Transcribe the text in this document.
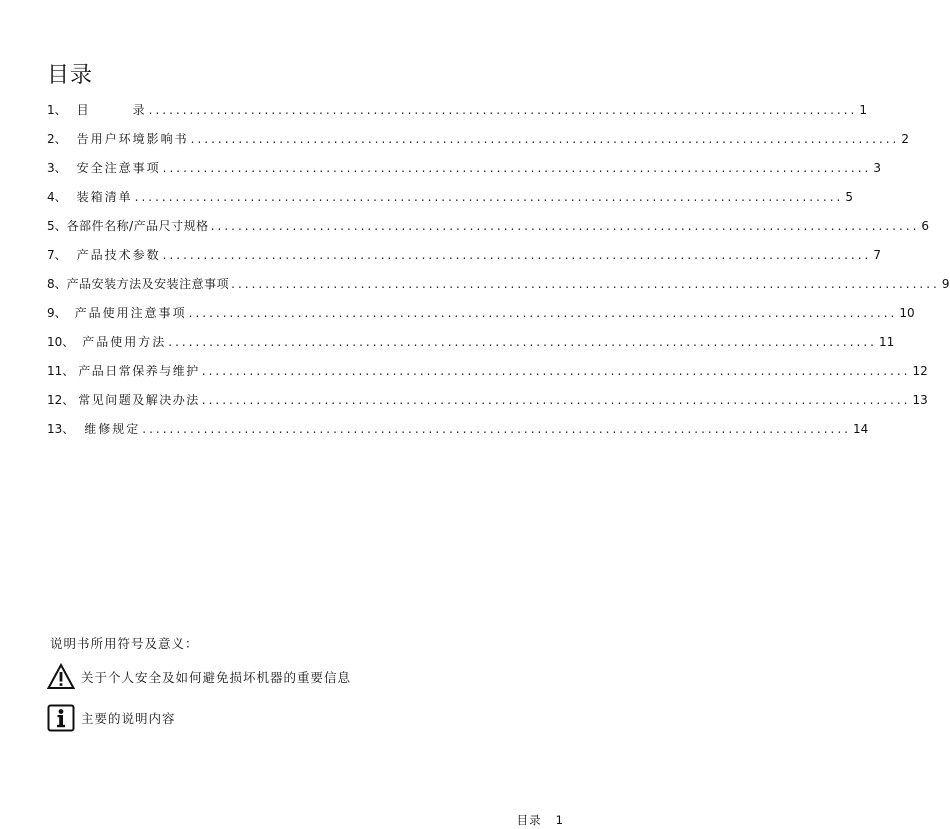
目录
1、 目　　　录 ........................................................................................................ 1
2、 告用户环境影响书 ........................................................................................................ 2
3、 安全注意事项 ........................................................................................................ 3
4、 装箱清单 ........................................................................................................ 5
5、 各部件名称/产品尺寸规格 ........................................................................................................ 6
7、 产品技术参数 ........................................................................................................ 7
8、 产品安装方法及安装注意事项 ........................................................................................................ 9
9、 产品使用注意事项 ........................................................................................................ 10
10、 产品使用方法 ........................................................................................................ 11
11、 产品日常保养与维护 ........................................................................................................ 12
12、 常见问题及解决办法 ........................................................................................................ 13
13、 维修规定 ........................................................................................................ 14
说明书所用符号及意义：
关于个人安全及如何避免损坏机器的重要信息
主要的说明内容
目录 1
